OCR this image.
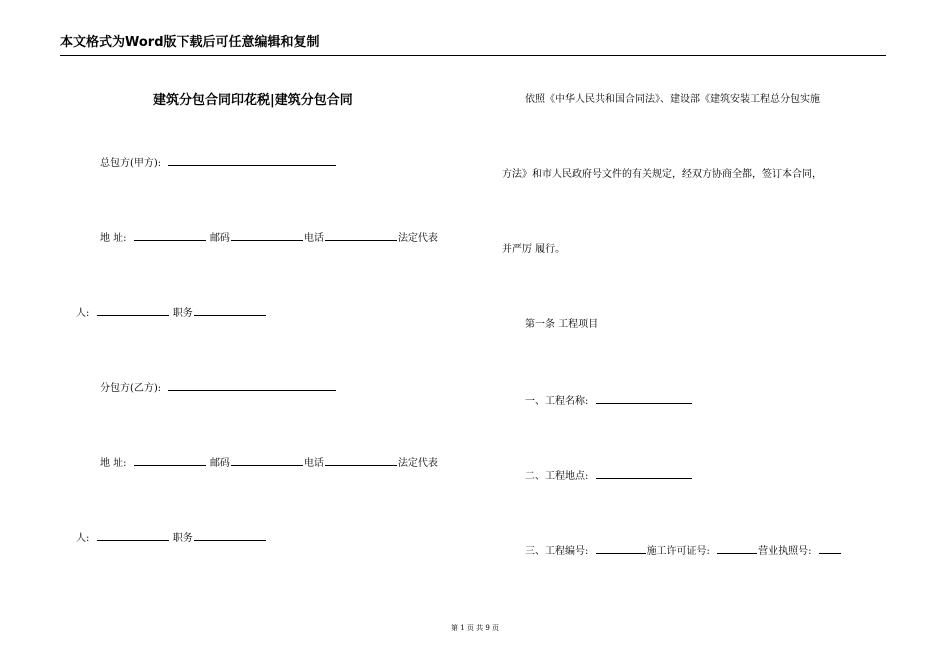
本文格式为Word版下载后可任意编辑和复制
建筑分包合同印花税|建筑分包合同
总包方(甲方):
地 址:	邮码	电话	法定代表
人:	职务
分包方(乙方):
地 址:	邮码	电话	法定代表
人:	职务
依照《中华人民共和国合同法》、建设部《建筑安装工程总分包实施
方法》和市人民政府号文件的有关规定，经双方协商全都，签订本合同，
并严厉 履行。
第一条 工程项目
一、工程名称:
二、工程地点:
三、工程编号:	施工许可证号:	营业执照号:
第 1 页 共 9 页
